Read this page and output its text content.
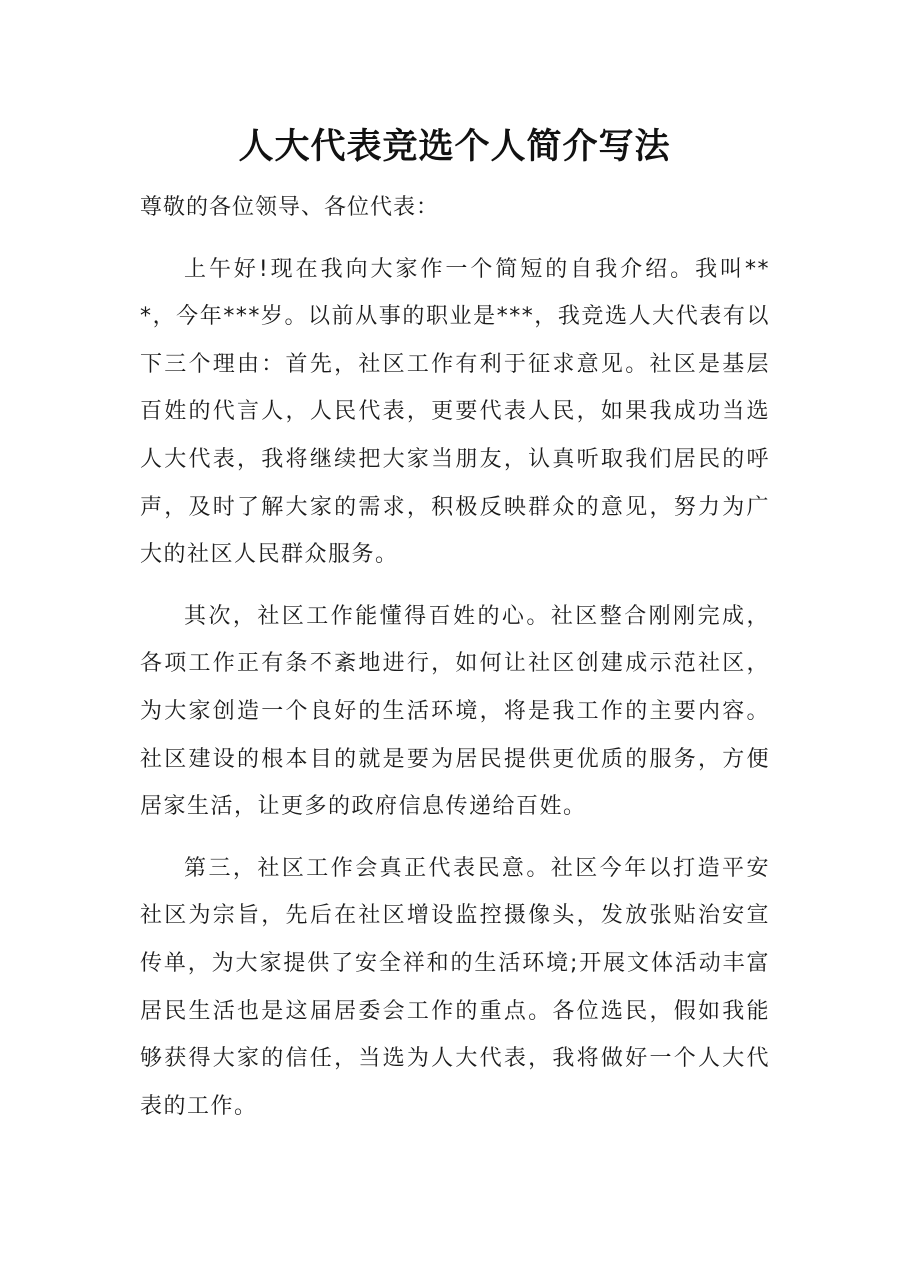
人大代表竞选个人简介写法

尊敬的各位领导、各位代表：

上午好!现在我向大家作一个简短的自我介绍。我叫***，今年***岁。以前从事的职业是***，我竞选人大代表有以下三个理由：首先，社区工作有利于征求意见。社区是基层百姓的代言人，人民代表，更要代表人民，如果我成功当选人大代表，我将继续把大家当朋友，认真听取我们居民的呼声，及时了解大家的需求，积极反映群众的意见，努力为广大的社区人民群众服务。

其次，社区工作能懂得百姓的心。社区整合刚刚完成，各项工作正有条不紊地进行，如何让社区创建成示范社区，为大家创造一个良好的生活环境，将是我工作的主要内容。社区建设的根本目的就是要为居民提供更优质的服务，方便居家生活，让更多的政府信息传递给百姓。

第三，社区工作会真正代表民意。社区今年以打造平安社区为宗旨，先后在社区增设监控摄像头，发放张贴治安宣传单，为大家提供了安全祥和的生活环境;开展文体活动丰富居民生活也是这届居委会工作的重点。各位选民，假如我能够获得大家的信任，当选为人大代表，我将做好一个人大代表的工作。
